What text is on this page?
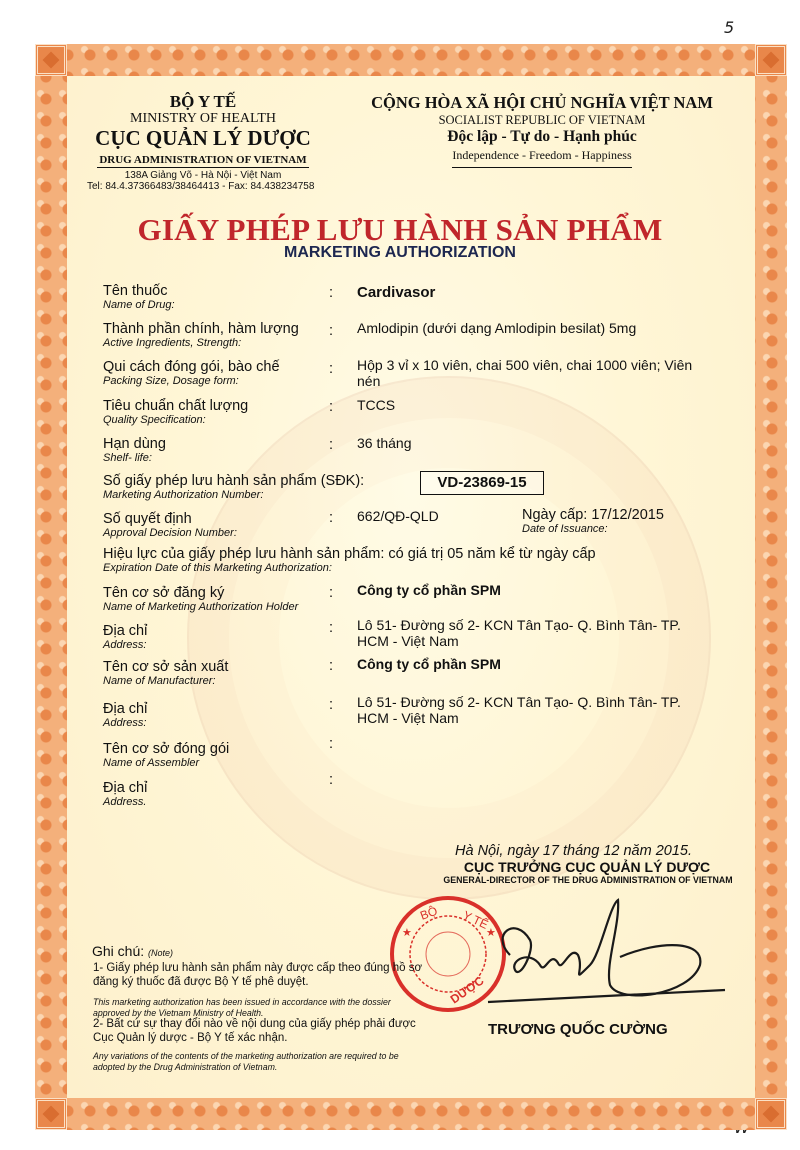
5
BỘ Y TẾ
MINISTRY OF HEALTH
CỤC QUẢN LÝ DƯỢC
DRUG ADMINISTRATION OF VIETNAM
138A Giảng Võ - Hà Nội - Việt Nam
Tel: 84.4.37366483/38464413 - Fax: 84.438234758
CỘNG HÒA XÃ HỘI CHỦ NGHĨA VIỆT NAM
SOCIALIST REPUBLIC OF VIETNAM
Độc lập - Tự do - Hạnh phúc
Independence - Freedom - Happiness
GIẤY PHÉP LƯU HÀNH SẢN PHẨM
MARKETING AUTHORIZATION
Tên thuốc
Name of Drug:
: Cardivasor
Thành phần chính, hàm lượng
Active Ingredients, Strength:
: Amlodipin (dưới dạng Amlodipin besilat) 5mg
Qui cách đóng gói, bào chế
Packing Size, Dosage form:
: Hộp 3 vỉ x 10 viên, chai 500 viên, chai 1000 viên; Viên
nén
Tiêu chuẩn chất lượng
Quality Specification:
: TCCS
Hạn dùng
Shelf- life:
: 36 tháng
Số giấy phép lưu hành sản phẩm (SĐK):
Marketing Authorization Number:
VD-23869-15
Số quyết định
Approval Decision Number:
: 662/QĐ-QLD	Ngày cấp: 17/12/2015
Date of Issuance:
Hiệu lực của giấy phép lưu hành sản phẩm: có giá trị 05 năm kể từ ngày cấp
Expiration Date of this Marketing Authorization:
Tên cơ sở đăng ký
Name of Marketing Authorization Holder
: Công ty cổ phần SPM
Địa chỉ
Address:
: Lô 51- Đường số 2- KCN Tân Tạo- Q. Bình Tân- TP.
HCM - Việt Nam
Tên cơ sở sản xuất
Name of Manufacturer:
: Công ty cổ phần SPM
Địa chỉ
Address:
: Lô 51- Đường số 2- KCN Tân Tạo- Q. Bình Tân- TP.
HCM - Việt Nam
Tên cơ sở đóng gói
Name of Assembler
:
Địa chỉ
Address.
:
Hà Nội, ngày 17 tháng 12 năm 2015.
CỤC TRƯỞNG CỤC QUẢN LÝ DƯỢC
GENERAL-DIRECTOR OF THE DRUG ADMINISTRATION OF VIETNAM
BỘ Y TẾ
★	★
DƯỢC
TRƯƠNG QUỐC CƯỜNG
Ghi chú: (Note)
1- Giấy phép lưu hành sản phẩm này được cấp theo đúng hồ sơ
đăng ký thuốc đã được Bộ Y tế phê duyệt.
This marketing authorization has been issued in accordance with the dossier
approved by the Vietnam Ministry of Health.
2- Bất cứ sự thay đổi nào về nội dung của giấy phép phải được
Cục Quản lý dược - Bộ Y tế xác nhận.
Any variations of the contents of the marketing authorization are required to be
adopted by the Drug Administration of Vietnam.
